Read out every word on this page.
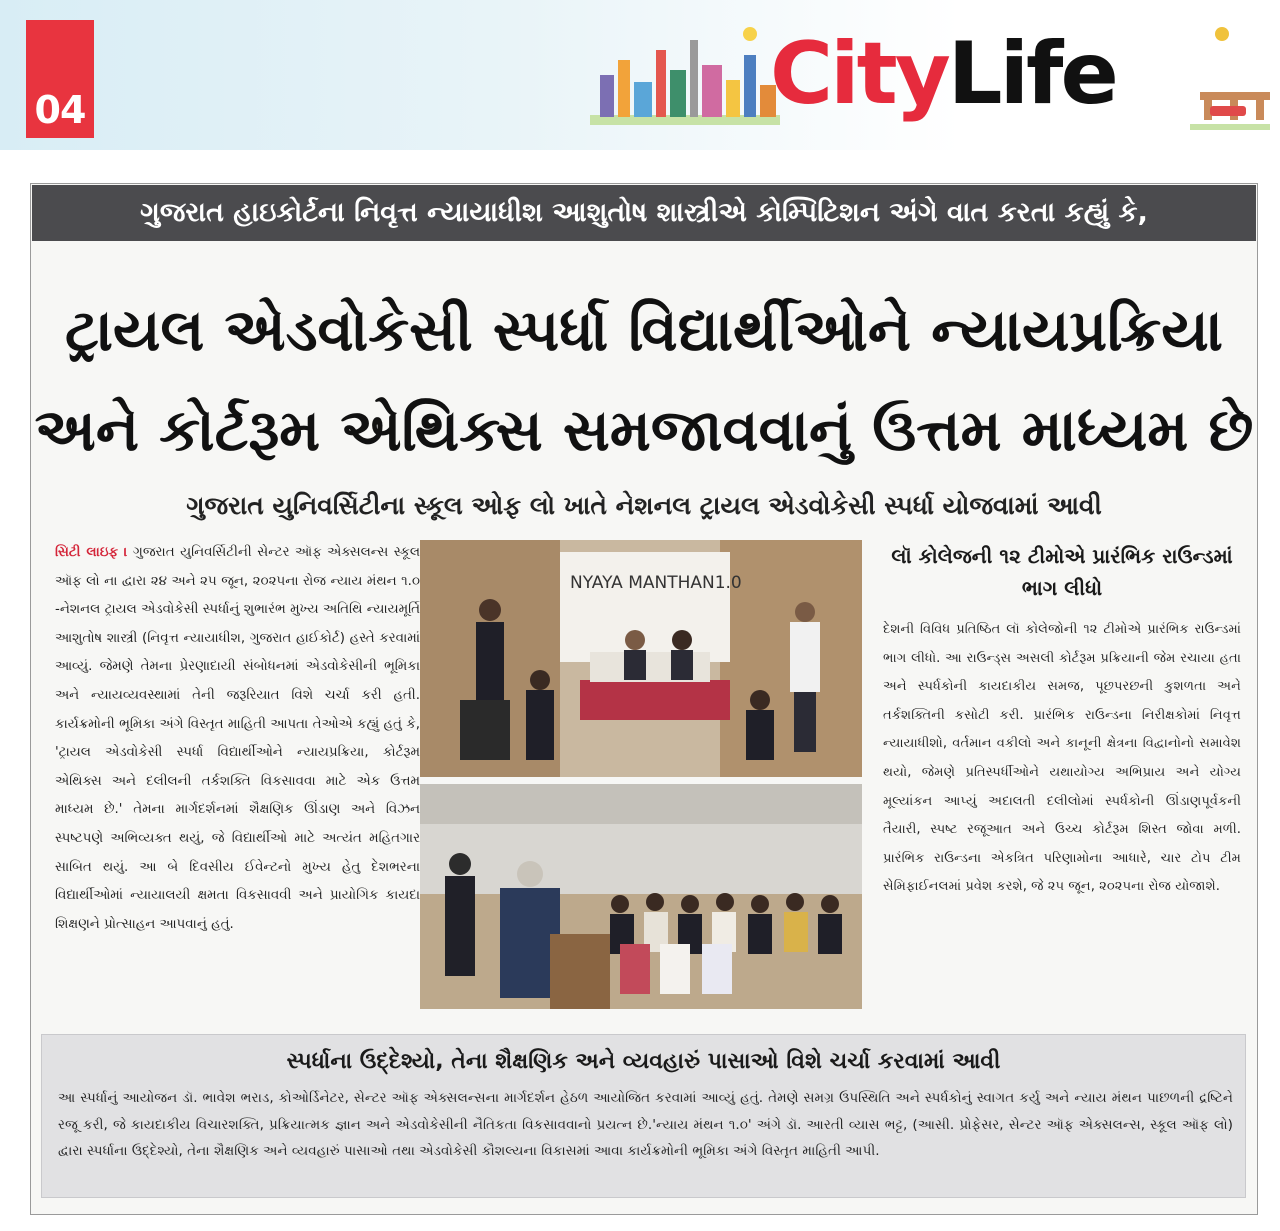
04	CityLife
ગુજરાત હાઇકોર્ટના નિવૃત્ત ન્યાયાધીશ આશુતોષ શાસ્ત્રીએ કોમ્પિટિશન અંગે વાત કરતા કહ્યું કે,
ટ્રાયલ એડવોકેસી સ્પર્ધા વિદ્યાર્થીઓને ન્યાયપ્રક્રિયા
અને કોર્ટરૂમ એથિક્સ સમજાવવાનું ઉત્તમ માધ્યમ છે
ગુજરાત યુનિવર્સિટીના સ્કૂલ ઓફ લો ખાતે નેશનલ ટ્રાયલ એડવોકેસી સ્પર્ધા યોજવામાં આવી
સિટી લાઇફ । ગુજરાત યુનિવર્સિટીની સેન્ટર ઑફ એક્સલન્સ સ્કૂલ ઑફ લો ના દ્વારા ૨૪ અને ૨૫ જૂન, ૨૦૨૫ના રોજ ન્યાય મંથન ૧.૦ -નેશનલ ટ્રાયલ એડવોકેસી સ્પર્ધાનું શુભારંભ મુખ્ય અતિથિ ન્યાયમૂર્તિ આશુતોષ શાસ્ત્રી (નિવૃત્ત ન્યાયાધીશ, ગુજરાત હાઈકોર્ટ) હસ્તે કરવામાં આવ્યું. જેમણે તેમના પ્રેરણાદાયી સંબોધનમાં એડવોકેસીની ભૂમિકા અને ન્યાયવ્યવસ્થામાં તેની જરૂરિયાત વિશે ચર્ચા કરી હતી. કાર્યક્રમોની ભૂમિકા અંગે વિસ્તૃત માહિતી આપતા તેઓએ કહ્યું હતું કે, 'ટ્રાયલ એડવોકેસી સ્પર્ધા વિદ્યાર્થીઓને ન્યાયપ્રક્રિયા, કોર્ટરૂમ એથિક્સ અને દલીલની તર્કશક્તિ વિકસાવવા માટે એક ઉત્તમ માધ્યમ છે.' તેમના માર્ગદર્શનમાં શૈક્ષણિક ઊંડાણ અને વિઝન સ્પષ્ટપણે અભિવ્યક્ત થયું, જે વિદ્યાર્થીઓ માટે અત્યંત મહિતગાર સાબિત થયું. આ બે દિવસીય ઈવેન્ટનો મુખ્ય હેતુ દેશભરના વિદ્યાર્થીઓમાં ન્યાયાલયી ક્ષમતા વિકસાવવી અને પ્રાયોગિક કાયદા શિક્ષણને પ્રોત્સાહન આપવાનું હતું.
NYAYA MANTHAN1.0
લૉ કોલેજની ૧૨ ટીમોએ પ્રારંભિક રાઉન્ડમાં ભાગ લીધો
દેશની વિવિધ પ્રતિષ્ઠિત લૉ કોલેજોની ૧૨ ટીમોએ પ્રારંભિક રાઉન્ડમાં ભાગ લીધો. આ રાઉન્ડ્સ અસલી કોર્ટરૂમ પ્રક્રિયાની જેમ રચાયા હતા અને સ્પર્ધકોની કાયદાકીય સમજ, પૂછપરછની કુશળતા અને તર્કશક્તિની કસોટી કરી. પ્રારંભિક રાઉન્ડના નિરીક્ષકોમાં નિવૃત્ત ન્યાયાધીશો, વર્તમાન વકીલો અને કાનૂની ક્ષેત્રના વિદ્વાનોનો સમાવેશ થયો, જેમણે પ્રતિસ્પર્ધીઓને યથાયોગ્ય અભિપ્રાય અને યોગ્ય મૂલ્યાંકન આપ્યું અદાલતી દલીલોમાં સ્પર્ધકોની ઊંડાણપૂર્વકની તૈયારી, સ્પષ્ટ રજૂઆત અને ઉચ્ચ કોર્ટરૂમ શિસ્ત જોવા મળી. પ્રારંભિક રાઉન્ડના એકત્રિત પરિણામોના આધારે, ચાર ટોપ ટીમ સેમિફાઈનલમાં પ્રવેશ કરશે, જે ૨૫ જૂન, ૨૦૨૫ના રોજ યોજાશે.
સ્પર્ધાના ઉદ્દેશ્યો, તેના શૈક્ષણિક અને વ્યવહારું પાસાઓ વિશે ચર્ચા કરવામાં આવી

આ સ્પર્ધાનું આયોજન ડૉ. ભાવેશ ભરાડ, કોઓર્ડિનેટર, સેન્ટર ઑફ એક્સલન્સના માર્ગદર્શન હેઠળ આયોજિત કરવામાં આવ્યું હતું. તેમણે સમગ્ર ઉપસ્થિતિ અને સ્પર્ધકોનું સ્વાગત કર્યુ અને ન્યાય મંથન પાછળની દ્રષ્ટિને રજૂ કરી, જે કાયદાકીય વિચારશક્તિ, પ્રક્રિયાત્મક જ્ઞાન અને એડવોકેસીની નૈતિકતા વિકસાવવાનો પ્રયત્ન છે.'ન્યાય મંથન ૧.૦' અંગે ડૉ. આરતી વ્યાસ ભટ્ટ, (આસી. પ્રોફેસર, સેન્ટર ઑફ એક્સલન્સ, સ્કૂલ ઑફ લો) દ્વારા સ્પર્ધાના ઉદ્દેશ્યો, તેના શૈક્ષણિક અને વ્યવહારું પાસાઓ તથા એડવોકેસી કૌશલ્યના વિકાસમાં આવા કાર્યક્રમોની ભૂમિકા અંગે વિસ્તૃત માહિતી આપી.
